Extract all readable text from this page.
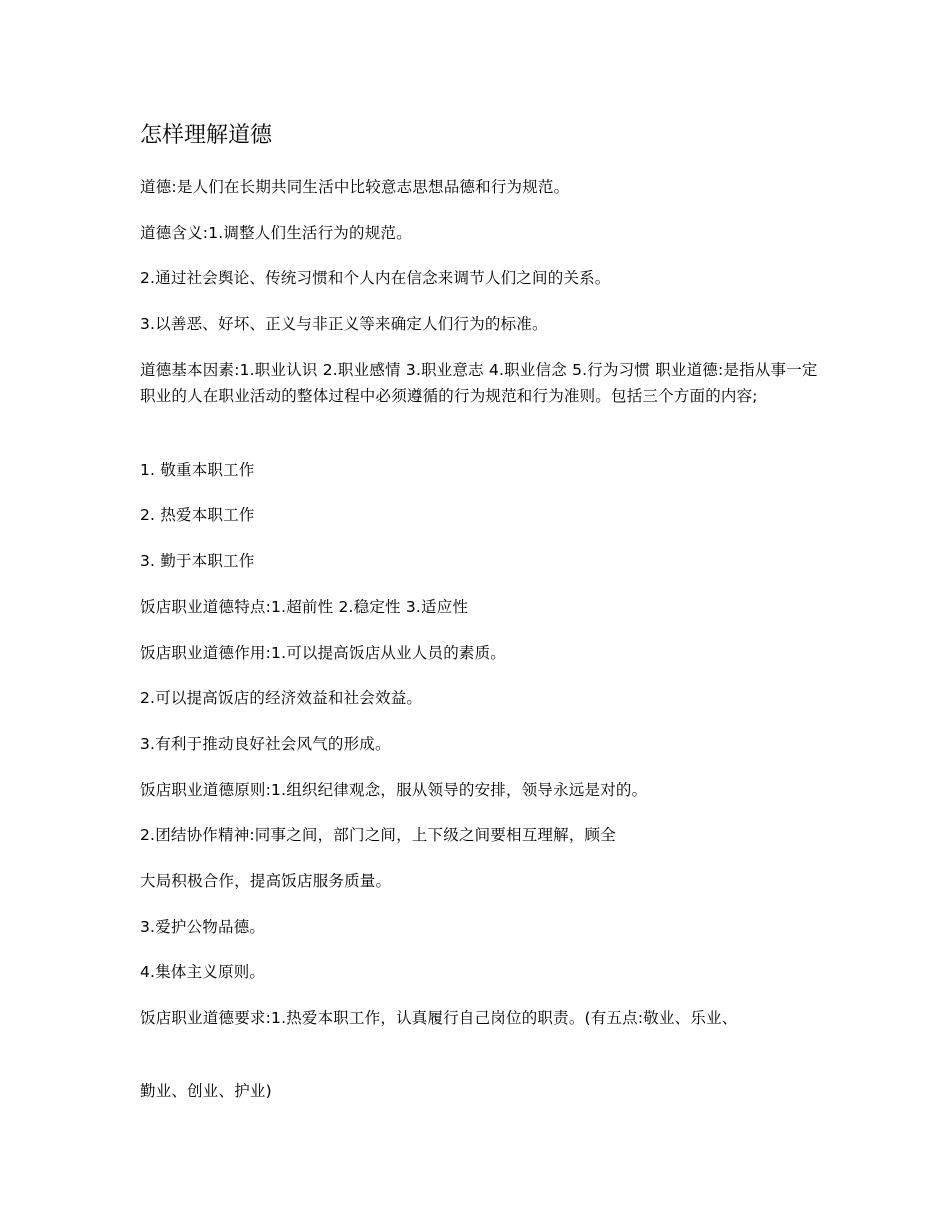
怎样理解道德

道德:是人们在长期共同生活中比较意志思想品德和行为规范。

道德含义:1.调整人们生活行为的规范。

2.通过社会舆论、传统习惯和个人内在信念来调节人们之间的关系。

3.以善恶、好坏、正义与非正义等来确定人们行为的标准。

道德基本因素:1.职业认识 2.职业感情 3.职业意志 4.职业信念 5.行为习惯 职业道德:是指从事一定职业的人在职业活动的整体过程中必须遵循的行为规范和行为准则。包括三个方面的内容;

1. 敬重本职工作

2. 热爱本职工作

3. 勤于本职工作

饭店职业道德特点:1.超前性 2.稳定性 3.适应性

饭店职业道德作用:1.可以提高饭店从业人员的素质。

2.可以提高饭店的经济效益和社会效益。

3.有利于推动良好社会风气的形成。

饭店职业道德原则:1.组织纪律观念，服从领导的安排，领导永远是对的。

2.团结协作精神:同事之间，部门之间，上下级之间要相互理解，顾全

大局积极合作，提高饭店服务质量。

3.爱护公物品德。

4.集体主义原则。

饭店职业道德要求:1.热爱本职工作，认真履行自己岗位的职责。(有五点:敬业、乐业、

勤业、创业、护业)
